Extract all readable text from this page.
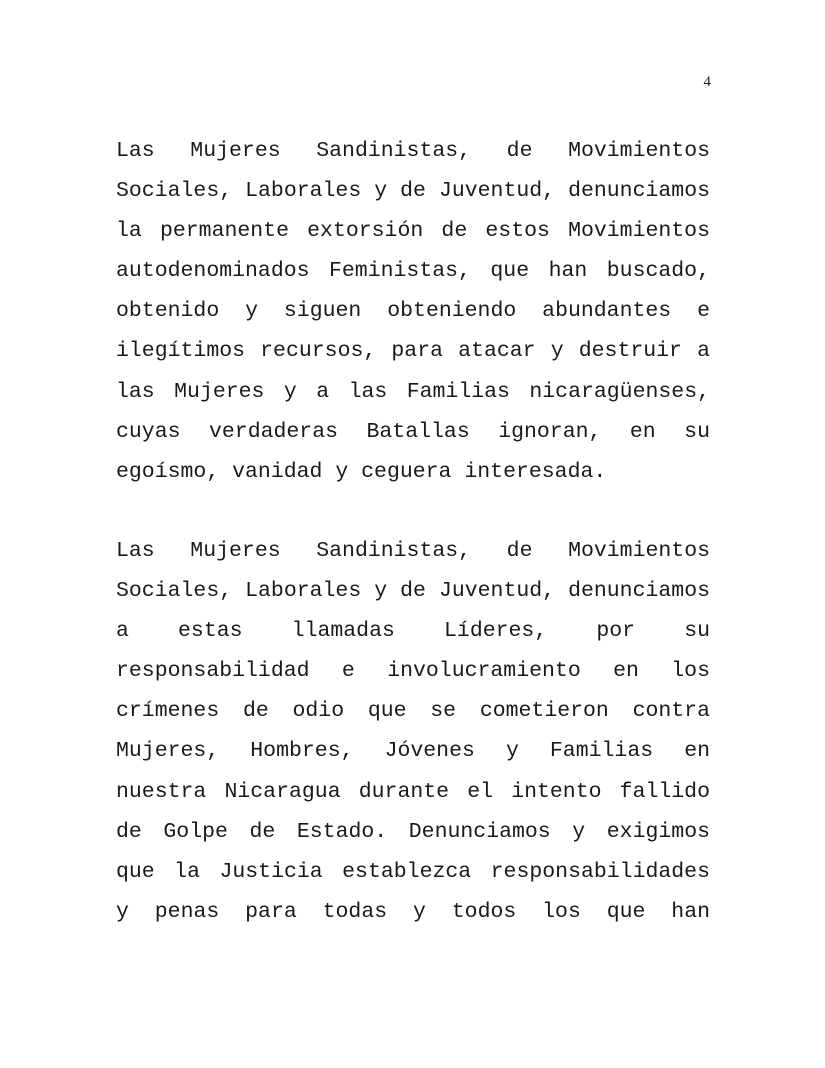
4
Las Mujeres Sandinistas, de Movimientos
Sociales, Laborales y de Juventud, denunciamos
la permanente extorsión de estos Movimientos
autodenominados Feministas, que han buscado,
obtenido y siguen obteniendo abundantes e
ilegítimos recursos, para atacar y destruir a
las Mujeres y a las Familias nicaragüenses,
cuyas verdaderas Batallas ignoran, en su
egoísmo, vanidad y ceguera interesada.
Las Mujeres Sandinistas, de Movimientos
Sociales, Laborales y de Juventud, denunciamos
a estas llamadas Líderes, por su
responsabilidad e involucramiento en los
crímenes de odio que se cometieron contra
Mujeres, Hombres, Jóvenes y Familias en
nuestra Nicaragua durante el intento fallido
de Golpe de Estado. Denunciamos y exigimos
que la Justicia establezca responsabilidades
y penas para todas y todos los que han
